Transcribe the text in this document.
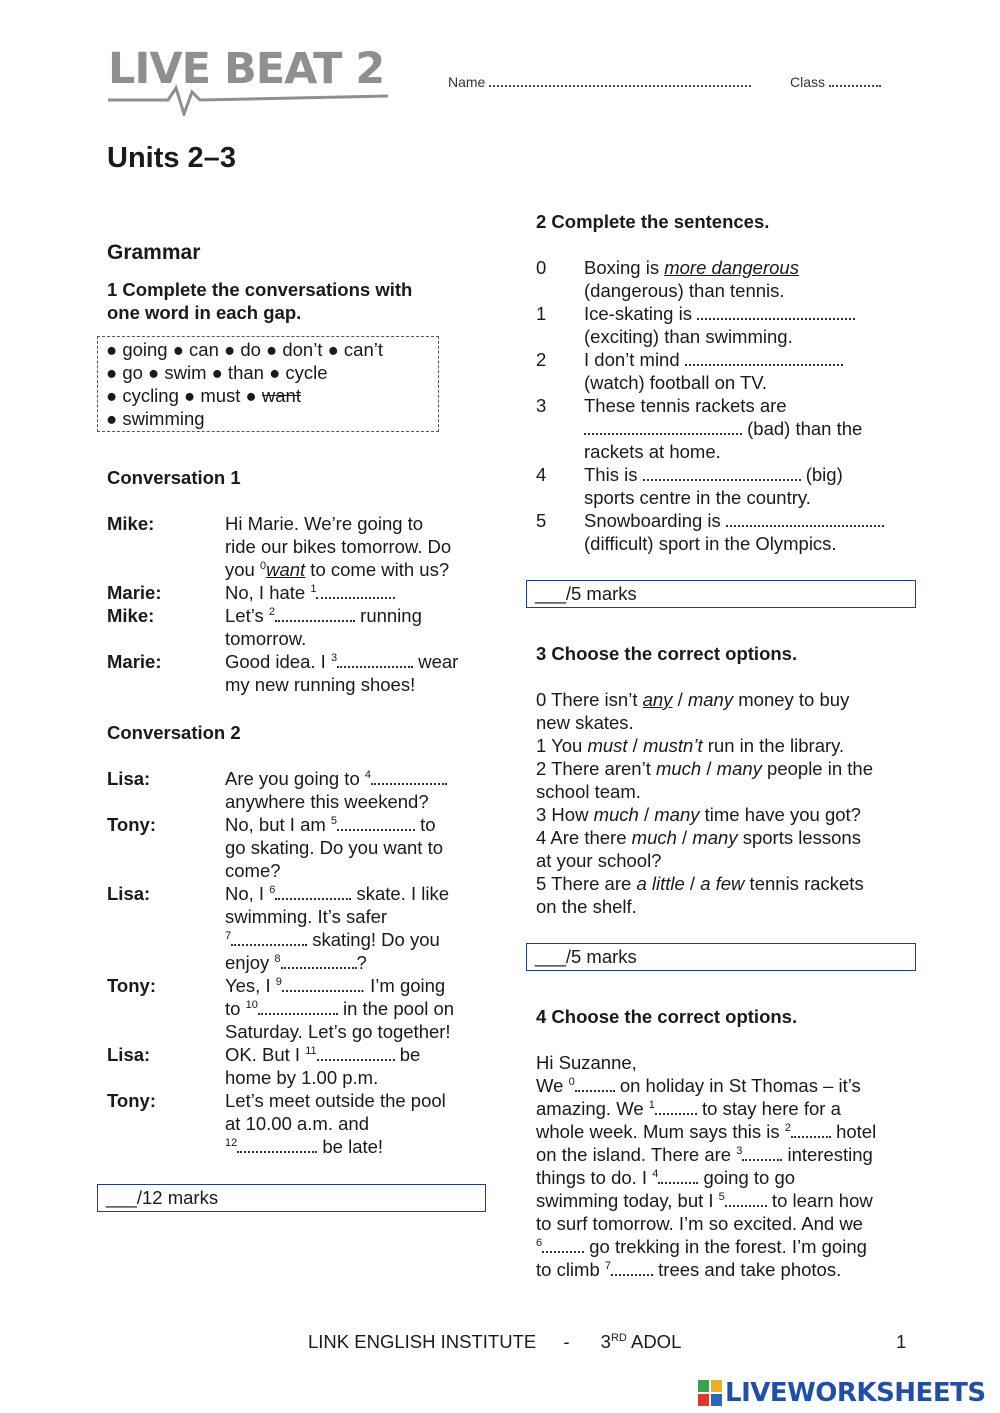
LIVE BEAT 2	Name	Class
Units 2–3
Grammar
1 Complete the conversations with
one word in each gap.
● going ● can ● do ● don’t ● can’t
● go ● swim ● than ● cycle
● cycling ● must ● want
● swimming
Conversation 1
Mike:	Hi Marie. We’re going to
ride our bikes tomorrow. Do
you $^0$want to come with us?
Marie:	No, I hate $^1$	.
Mike:	Let’s $^2$	running
tomorrow.
Marie:	Good idea. I $^3$	wear
my new running shoes!
Conversation 2
Lisa:	Are you going to $^4$
anywhere this weekend?
Tony:	No, but I am $^5$	to
go skating. Do you want to
come?
Lisa:	No, I $^6$	skate. I like
swimming. It’s safer
$^7$	skating! Do you
enjoy $^8$	?
Tony:	Yes, I $^9$	. I’m going
to $^{10}$	in the pool on
Saturday. Let’s go together!
Lisa:	OK. But I $^{11}$	be
home by 1.00 p.m.
Tony:	Let’s meet outside the pool
at 10.00 a.m. and
$^{12}$	be late!
___/12 marks
2 Complete the sentences.
0 Boxing is more dangerous
(dangerous) than tennis.
1 Ice-skating is
(exciting) than swimming.
2 I don’t mind
(watch) football on TV.
3 These tennis rackets are
(bad) than the
rackets at home.
4 This is	(big)
sports centre in the country.
5 Snowboarding is
(difficult) sport in the Olympics.
___/5 marks
3 Choose the correct options.
0 There isn’t any / many money to buy
new skates.
1 You must / mustn’t run in the library.
2 There aren’t much / many people in the
school team.
3 How much / many time have you got?
4 Are there much / many sports lessons
at your school?
5 There are a little / a few tennis rackets
on the shelf.
___/5 marks
4 Choose the correct options.
Hi Suzanne,
We $^0$ on holiday in St Thomas – it’s
amazing. We $^1$ to stay here for a
whole week. Mum says this is $^2$ hotel
on the island. There are $^3$ interesting
things to do. I $^4$ going to go
swimming today, but I $^5$ to learn how
to surf tomorrow. I’m so excited. And we
$^6$ go trekking in the forest. I’m going
to climb $^7$ trees and take photos.
LINK ENGLISH INSTITUTE - 3RD ADOL	1
LIVEWORKSHEETS
